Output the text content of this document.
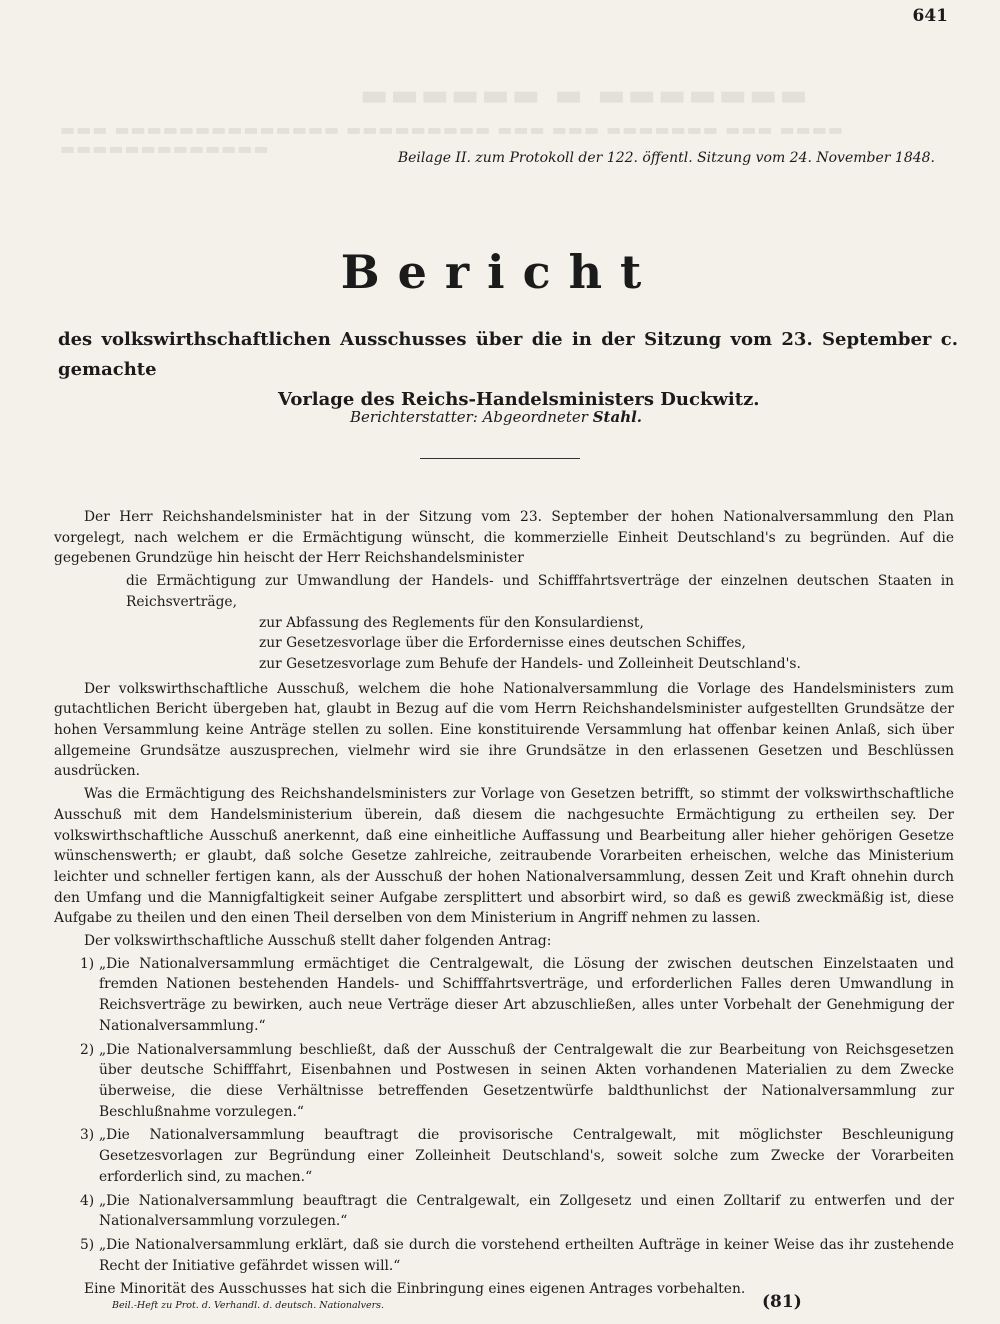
▬▬▬▬▬▬ ▬ ▬▬▬▬▬▬▬
▬▬▬ ▬▬▬▬▬▬▬▬▬▬▬▬▬▬ ▬▬▬▬▬▬▬▬▬ ▬▬▬ ▬▬▬ ▬▬▬▬▬▬▬ ▬▬▬ ▬▬▬▬ ▬▬▬▬▬▬▬▬▬▬▬▬▬
641
Beilage II. zum Protokoll der 122. öffentl. Sitzung vom 24. November 1848.
Bericht
des volkswirthschaftlichen Ausschusses über die in der Sitzung vom 23. September c. gemachte
Vorlage des Reichs-Handelsministers Duckwitz.
Berichterstatter: Abgeordneter Stahl.

Der Herr Reichshandelsminister hat in der Sitzung vom 23. September der hohen Nationalversammlung den Plan vorgelegt, nach welchem er die Ermächtigung wünscht, die kommerzielle Einheit Deutschland's zu begründen. Auf die gegebenen Grundzüge hin heischt der Herr Reichshandelsminister

die Ermächtigung zur Umwandlung der Handels- und Schifffahrtsverträge der einzelnen deutschen Staaten in Reichsverträge,
zur Abfassung des Reglements für den Konsulardienst,
zur Gesetzesvorlage über die Erfordernisse eines deutschen Schiffes,
zur Gesetzesvorlage zum Behufe der Handels- und Zolleinheit Deutschland's.

Der volkswirthschaftliche Ausschuß, welchem die hohe Nationalversammlung die Vorlage des Handelsministers zum gutachtlichen Bericht übergeben hat, glaubt in Bezug auf die vom Herrn Reichshandelsminister aufgestellten Grundsätze der hohen Versammlung keine Anträge stellen zu sollen. Eine konstituirende Versammlung hat offenbar keinen Anlaß, sich über allgemeine Grundsätze auszusprechen, vielmehr wird sie ihre Grundsätze in den erlassenen Gesetzen und Beschlüssen ausdrücken.

Was die Ermächtigung des Reichshandelsministers zur Vorlage von Gesetzen betrifft, so stimmt der volkswirthschaftliche Ausschuß mit dem Handelsministerium überein, daß diesem die nachgesuchte Ermächtigung zu ertheilen sey. Der volkswirthschaftliche Ausschuß anerkennt, daß eine einheitliche Auffassung und Bearbeitung aller hieher gehörigen Gesetze wünschenswerth; er glaubt, daß solche Gesetze zahlreiche, zeitraubende Vorarbeiten erheischen, welche das Ministerium leichter und schneller fertigen kann, als der Ausschuß der hohen Nationalversammlung, dessen Zeit und Kraft ohnehin durch den Umfang und die Mannigfaltigkeit seiner Aufgabe zersplittert und absorbirt wird, so daß es gewiß zweckmäßig ist, diese Aufgabe zu theilen und den einen Theil derselben von dem Ministerium in Angriff nehmen zu lassen.

Der volkswirthschaftliche Ausschuß stellt daher folgenden Antrag:

1) „Die Nationalversammlung ermächtiget die Centralgewalt, die Lösung der zwischen deutschen Einzelstaaten und fremden Nationen bestehenden Handels- und Schifffahrtsverträge, und erforderlichen Falles deren Umwandlung in Reichsverträge zu bewirken, auch neue Verträge dieser Art abzuschließen, alles unter Vorbehalt der Genehmigung der Nationalversammlung.“
2) „Die Nationalversammlung beschließt, daß der Ausschuß der Centralgewalt die zur Bearbeitung von Reichsgesetzen über deutsche Schifffahrt, Eisenbahnen und Postwesen in seinen Akten vorhandenen Materialien zu dem Zwecke überweise, die diese Verhältnisse betreffenden Gesetzentwürfe baldthunlichst der Nationalversammlung zur Beschlußnahme vorzulegen.“
3) „Die Nationalversammlung beauftragt die provisorische Centralgewalt, mit möglichster Beschleunigung Gesetzesvorlagen zur Begründung einer Zolleinheit Deutschland's, soweit solche zum Zwecke der Vorarbeiten erforderlich sind, zu machen.“
4) „Die Nationalversammlung beauftragt die Centralgewalt, ein Zollgesetz und einen Zolltarif zu entwerfen und der Nationalversammlung vorzulegen.“
5) „Die Nationalversammlung erklärt, daß sie durch die vorstehend ertheilten Aufträge in keiner Weise das ihr zustehende Recht der Initiative gefährdet wissen will.“

Eine Minorität des Ausschusses hat sich die Einbringung eines eigenen Antrages vorbehalten.

Beil.-Heft zu Prot. d. Verhandl. d. deutsch. Nationalvers.	(81)
